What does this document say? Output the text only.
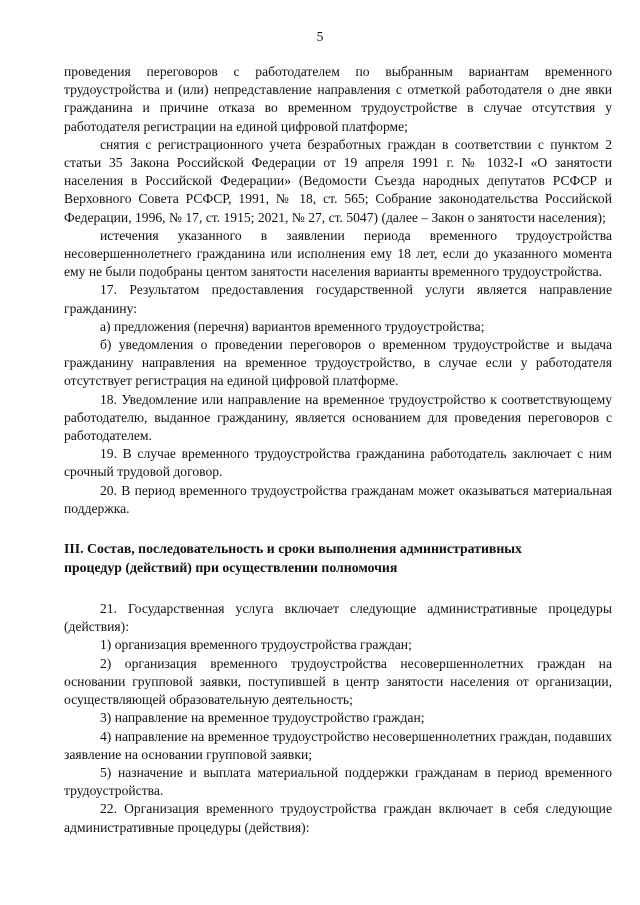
5

проведения переговоров с работодателем по выбранным вариантам временного трудоустройства и (или) непредставление направления с отметкой работодателя о дне явки гражданина и причине отказа во временном трудоустройстве в случае отсутствия у работодателя регистрации на единой цифровой платформе;

снятия с регистрационного учета безработных граждан в соответствии с пунктом 2 статьи 35 Закона Российской Федерации от 19 апреля 1991 г. № 1032-I «О занятости населения в Российской Федерации» (Ведомости Съезда народных депутатов РСФСР и Верховного Совета РСФСР, 1991, № 18, ст. 565; Собрание законодательства Российской Федерации, 1996, № 17, ст. 1915; 2021, № 27, ст. 5047) (далее – Закон о занятости населения);

истечения указанного в заявлении периода временного трудоустройства несовершеннолетнего гражданина или исполнения ему 18 лет, если до указанного момента ему не были подобраны центом занятости населения варианты временного трудоустройства.

17. Результатом предоставления государственной услуги является направление гражданину:

а) предложения (перечня) вариантов временного трудоустройства;

б) уведомления о проведении переговоров о временном трудоустройстве и выдача гражданину направления на временное трудоустройство, в случае если у работодателя отсутствует регистрация на единой цифровой платформе.

18. Уведомление или направление на временное трудоустройство к соответствующему работодателю, выданное гражданину, является основанием для проведения переговоров с работодателем.

19. В случае временного трудоустройства гражданина работодатель заключает с ним срочный трудовой договор.

20. В период временного трудоустройства гражданам может оказываться материальная поддержка.

III. Состав, последовательность и сроки выполнения административных

процедур (действий) при осуществлении полномочия

21. Государственная услуга включает следующие административные процедуры (действия):

1) организация временного трудоустройства граждан;

2) организация временного трудоустройства несовершеннолетних граждан на основании групповой заявки, поступившей в центр занятости населения от организации, осуществляющей образовательную деятельность;

3) направление на временное трудоустройство граждан;

4) направление на временное трудоустройство несовершеннолетних граждан, подавших заявление на основании групповой заявки;

5) назначение и выплата материальной поддержки гражданам в период временного трудоустройства.

22. Организация временного трудоустройства граждан включает в себя следующие административные процедуры (действия):
